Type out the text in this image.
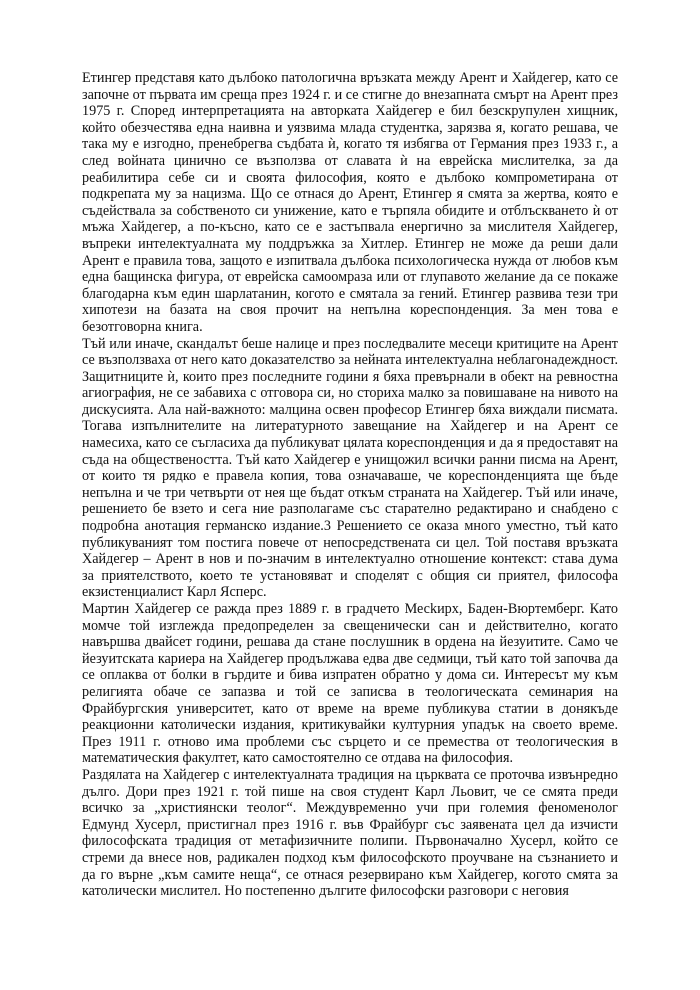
Етингер представя като дълбоко патологична връзката между Арент и Хайдегер, като се започне от първата им среща през 1924 г. и се стигне до внезапната смърт на Арент през 1975 г. Според интерпретацията на авторката Хайдегер е бил безскрупулен хищник, който обезчестява една наивна и уязвима млада студентка, зарязва я, когато решава, че така му е изгодно, пренебрегва съдбата ѝ, когато тя избягва от Германия през 1933 г., а след войната цинично се възползва от славата ѝ на еврейска мислителка, за да реабилитира себе си и своята философия, която е дълбоко компрометирана от подкрепата му за нацизма. Що се отнася до Арент, Етингер я смята за жертва, която е съдействала за собственото си унижение, като е търпяла обидите и отблъскването ѝ от мъжа Хайдегер, а по-късно, като се е застъпвала енергично за мислителя Хайдегер, въпреки интелектуалната му поддръжка за Хитлер. Етингер не може да реши дали Арент е правила това, защото е изпитвала дълбока психологическа нужда от любов към една бащинска фигура, от еврейска самоомраза или от глупавото желание да се покаже благодарна към един шарлатанин, когото е смятала за гений. Етингер развива тези три хипотези на базата на своя прочит на непълна кореспонденция. За мен това е безотговорна книга.

Тъй или иначе, скандалът беше налице и през последвалите месеци критиците на Арент се възползваха от него като доказателство за нейната интелектуална неблагонадеждност. Защитниците ѝ, които през последните години я бяха превърнали в обект на ревностна агиография, не се забавиха с отговора си, но сториха малко за повишаване на нивото на дискусията. Ала най-важното: малцина освен професор Етингер бяха виждали писмата. Тогава изпълнителите на литературното завещание на Хайдегер и на Арент се намесиха, като се съгласиха да публикуват цялата кореспонденция и да я предоставят на съда на обществеността. Тъй като Хайдегер е унищожил всички ранни писма на Арент, от които тя рядко е правела копия, това означаваше, че кореспонденцията ще бъде непълна и че три четвърти от нея ще бъдат откъм страната на Хайдегер. Тъй или иначе, решението бе взето и сега ние разполагаме със старателно редактирано и снабдено с подробна анотация германско издание.3 Решението се оказа много уместно, тъй като публикуваният том постига повече от непосредствената си цел. Той поставя връзката Хайдегер – Арент в нов и по-значим в интелектуално отношение контекст: става дума за приятелството, което те установяват и споделят с общия си приятел, философа екзистенциалист Карл Ясперс.

Мартин Хайдегер се ражда през 1889 г. в градчето Месkирх, Баден-Вюртемберг. Като момче той изглежда предопределен за свещенически сан и действително, когато навършва двайсет години, решава да стане послушник в ордена на йезуитите. Само че йезуитската кариера на Хайдегер продължава едва две седмици, тъй като той започва да се оплаква от болки в гърдите и бива изпратен обратно у дома си. Интересът му към религията обаче се запазва и той се записва в теологическата семинария на Фрайбургския университет, като от време на време публикува статии в донякъде реакционни католически издания, критикувайки културния упадък на своето време. През 1911 г. отново има проблеми със сърцето и се премества от теологическия в математическия факултет, като самостоятелно се отдава на философия.

Раздялата на Хайдегер с интелектуалната традиция на църквата се проточва извънредно дълго. Дори през 1921 г. той пише на своя студент Карл Льовит, че се смята преди всичко за „християнски теолог“. Междувременно учи при големия феноменолог Едмунд Хусерл, пристигнал през 1916 г. във Фрайбург със заявената цел да изчисти философската традиция от метафизичните полипи. Първоначално Хусерл, който се стреми да внесе нов, радикален подход към философското проучване на съзнанието и да го върне „към самите неща“, се отнася резервирано към Хайдегер, когото смята за католически мислител. Но постепенно дългите философски разговори с неговия
